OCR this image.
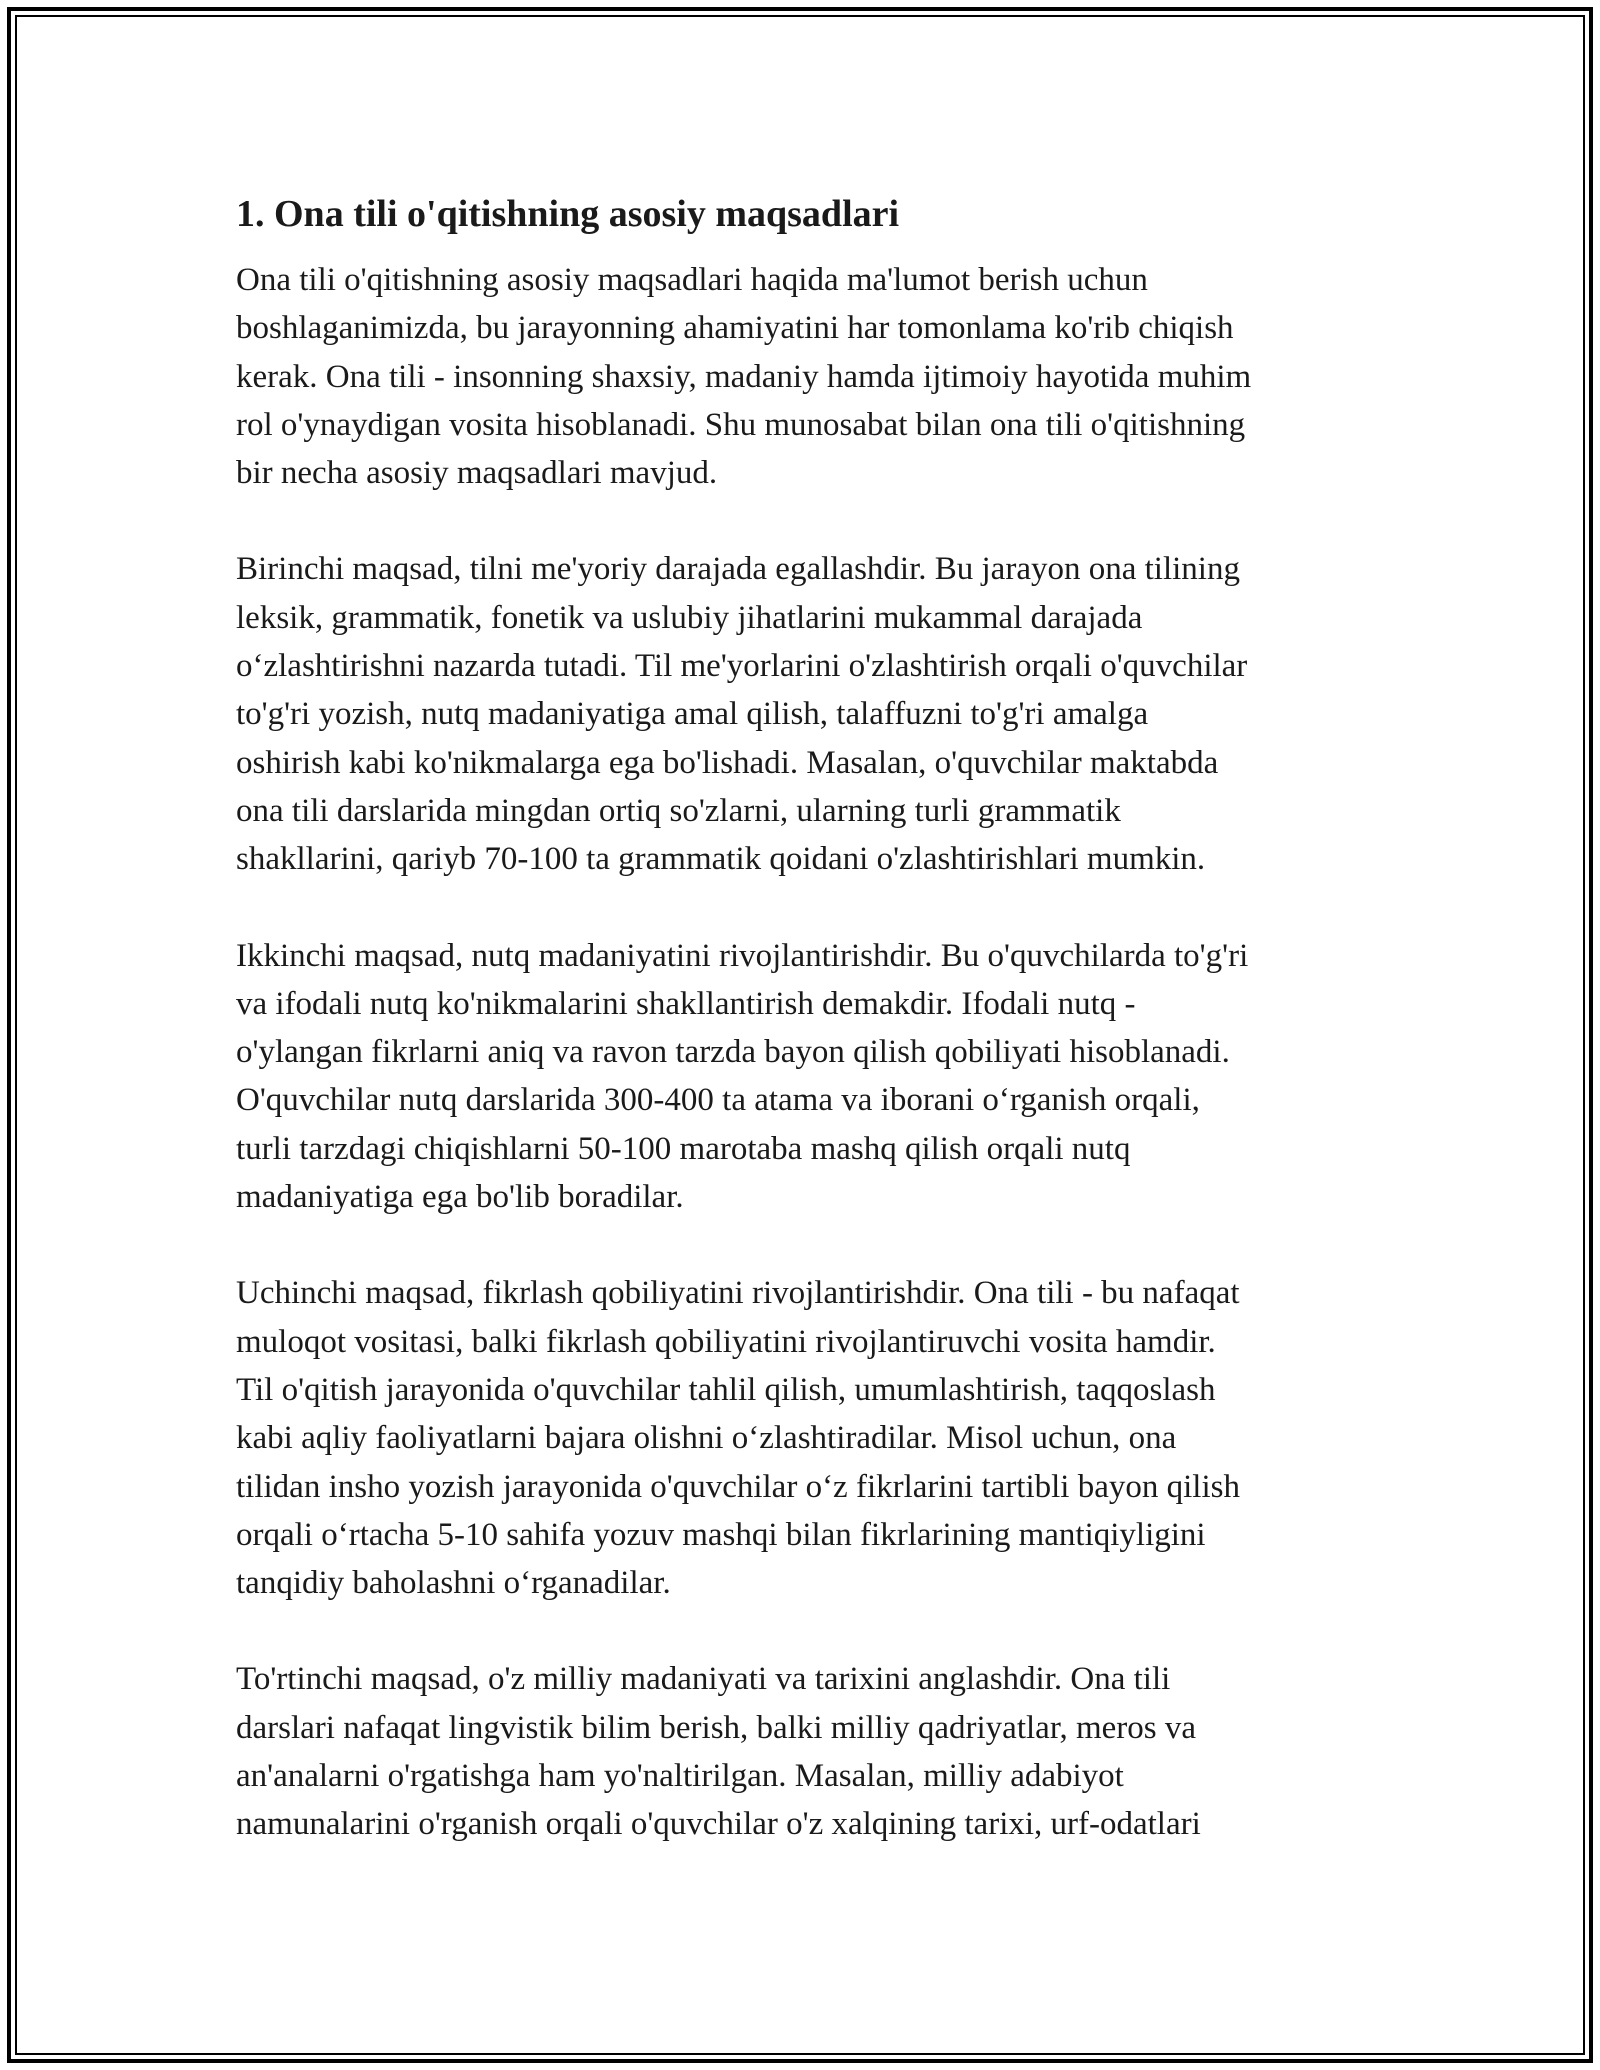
1. Ona tili o'qitishning asosiy maqsadlari

Ona tili o'qitishning asosiy maqsadlari haqida ma'lumot berish uchun
boshlaganimizda, bu jarayonning ahamiyatini har tomonlama ko'rib chiqish
kerak. Ona tili - insonning shaxsiy, madaniy hamda ijtimoiy hayotida muhim
rol o'ynaydigan vosita hisoblanadi. Shu munosabat bilan ona tili o'qitishning
bir necha asosiy maqsadlari mavjud.

Birinchi maqsad, tilni me'yoriy darajada egallashdir. Bu jarayon ona tilining
leksik, grammatik, fonetik va uslubiy jihatlarini mukammal darajada
o‘zlashtirishni nazarda tutadi. Til me'yorlarini o'zlashtirish orqali o'quvchilar
to'g'ri yozish, nutq madaniyatiga amal qilish, talaffuzni to'g'ri amalga
oshirish kabi ko'nikmalarga ega bo'lishadi. Masalan, o'quvchilar maktabda
ona tili darslarida mingdan ortiq so'zlarni, ularning turli grammatik
shakllarini, qariyb 70-100 ta grammatik qoidani o'zlashtirishlari mumkin.

Ikkinchi maqsad, nutq madaniyatini rivojlantirishdir. Bu o'quvchilarda to'g'ri
va ifodali nutq ko'nikmalarini shakllantirish demakdir. Ifodali nutq -
o'ylangan fikrlarni aniq va ravon tarzda bayon qilish qobiliyati hisoblanadi.
O'quvchilar nutq darslarida 300-400 ta atama va iborani o‘rganish orqali,
turli tarzdagi chiqishlarni 50-100 marotaba mashq qilish orqali nutq
madaniyatiga ega bo'lib boradilar.

Uchinchi maqsad, fikrlash qobiliyatini rivojlantirishdir. Ona tili - bu nafaqat
muloqot vositasi, balki fikrlash qobiliyatini rivojlantiruvchi vosita hamdir.
Til o'qitish jarayonida o'quvchilar tahlil qilish, umumlashtirish, taqqoslash
kabi aqliy faoliyatlarni bajara olishni o‘zlashtiradilar. Misol uchun, ona
tilidan insho yozish jarayonida o'quvchilar o‘z fikrlarini tartibli bayon qilish
orqali o‘rtacha 5-10 sahifa yozuv mashqi bilan fikrlarining mantiqiyligini
tanqidiy baholashni o‘rganadilar.

To'rtinchi maqsad, o'z milliy madaniyati va tarixini anglashdir. Ona tili
darslari nafaqat lingvistik bilim berish, balki milliy qadriyatlar, meros va
an'analarni o'rgatishga ham yo'naltirilgan. Masalan, milliy adabiyot
namunalarini o'rganish orqali o'quvchilar o'z xalqining tarixi, urf-odatlari
